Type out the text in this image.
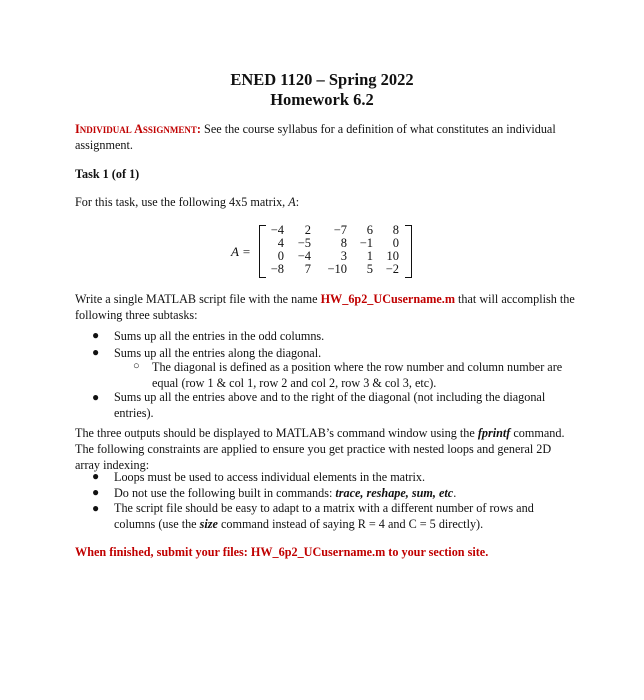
ENED 1120 – Spring 2022
Homework 6.2
Individual Assignment: See the course syllabus for a definition of what constitutes an individual assignment.
Task 1 (of 1)
For this task, use the following 4x5 matrix, A:
A =
−4	2	−7	6	8
4	−5	8	−1	0
0	−4	3	1	10
−8	7	−10	5	−2
Write a single MATLAB script file with the name HW_6p2_UCusername.m that will accomplish the following three subtasks:
● Sums up all the entries in the odd columns.
● Sums up all the entries along the diagonal.
○ The diagonal is defined as a position where the row number and column number are equal (row 1 & col 1, row 2 and col 2, row 3 & col 3, etc).
● Sums up all the entries above and to the right of the diagonal (not including the diagonal entries).
The three outputs should be displayed to MATLAB’s command window using the fprintf command. The following constraints are applied to ensure you get practice with nested loops and general 2D array indexing:
● Loops must be used to access individual elements in the matrix.
● Do not use the following built in commands: trace, reshape, sum, etc.
● The script file should be easy to adapt to a matrix with a different number of rows and columns (use the size command instead of saying R = 4 and C = 5 directly).
When finished, submit your files: HW_6p2_UCusername.m to your section site.
